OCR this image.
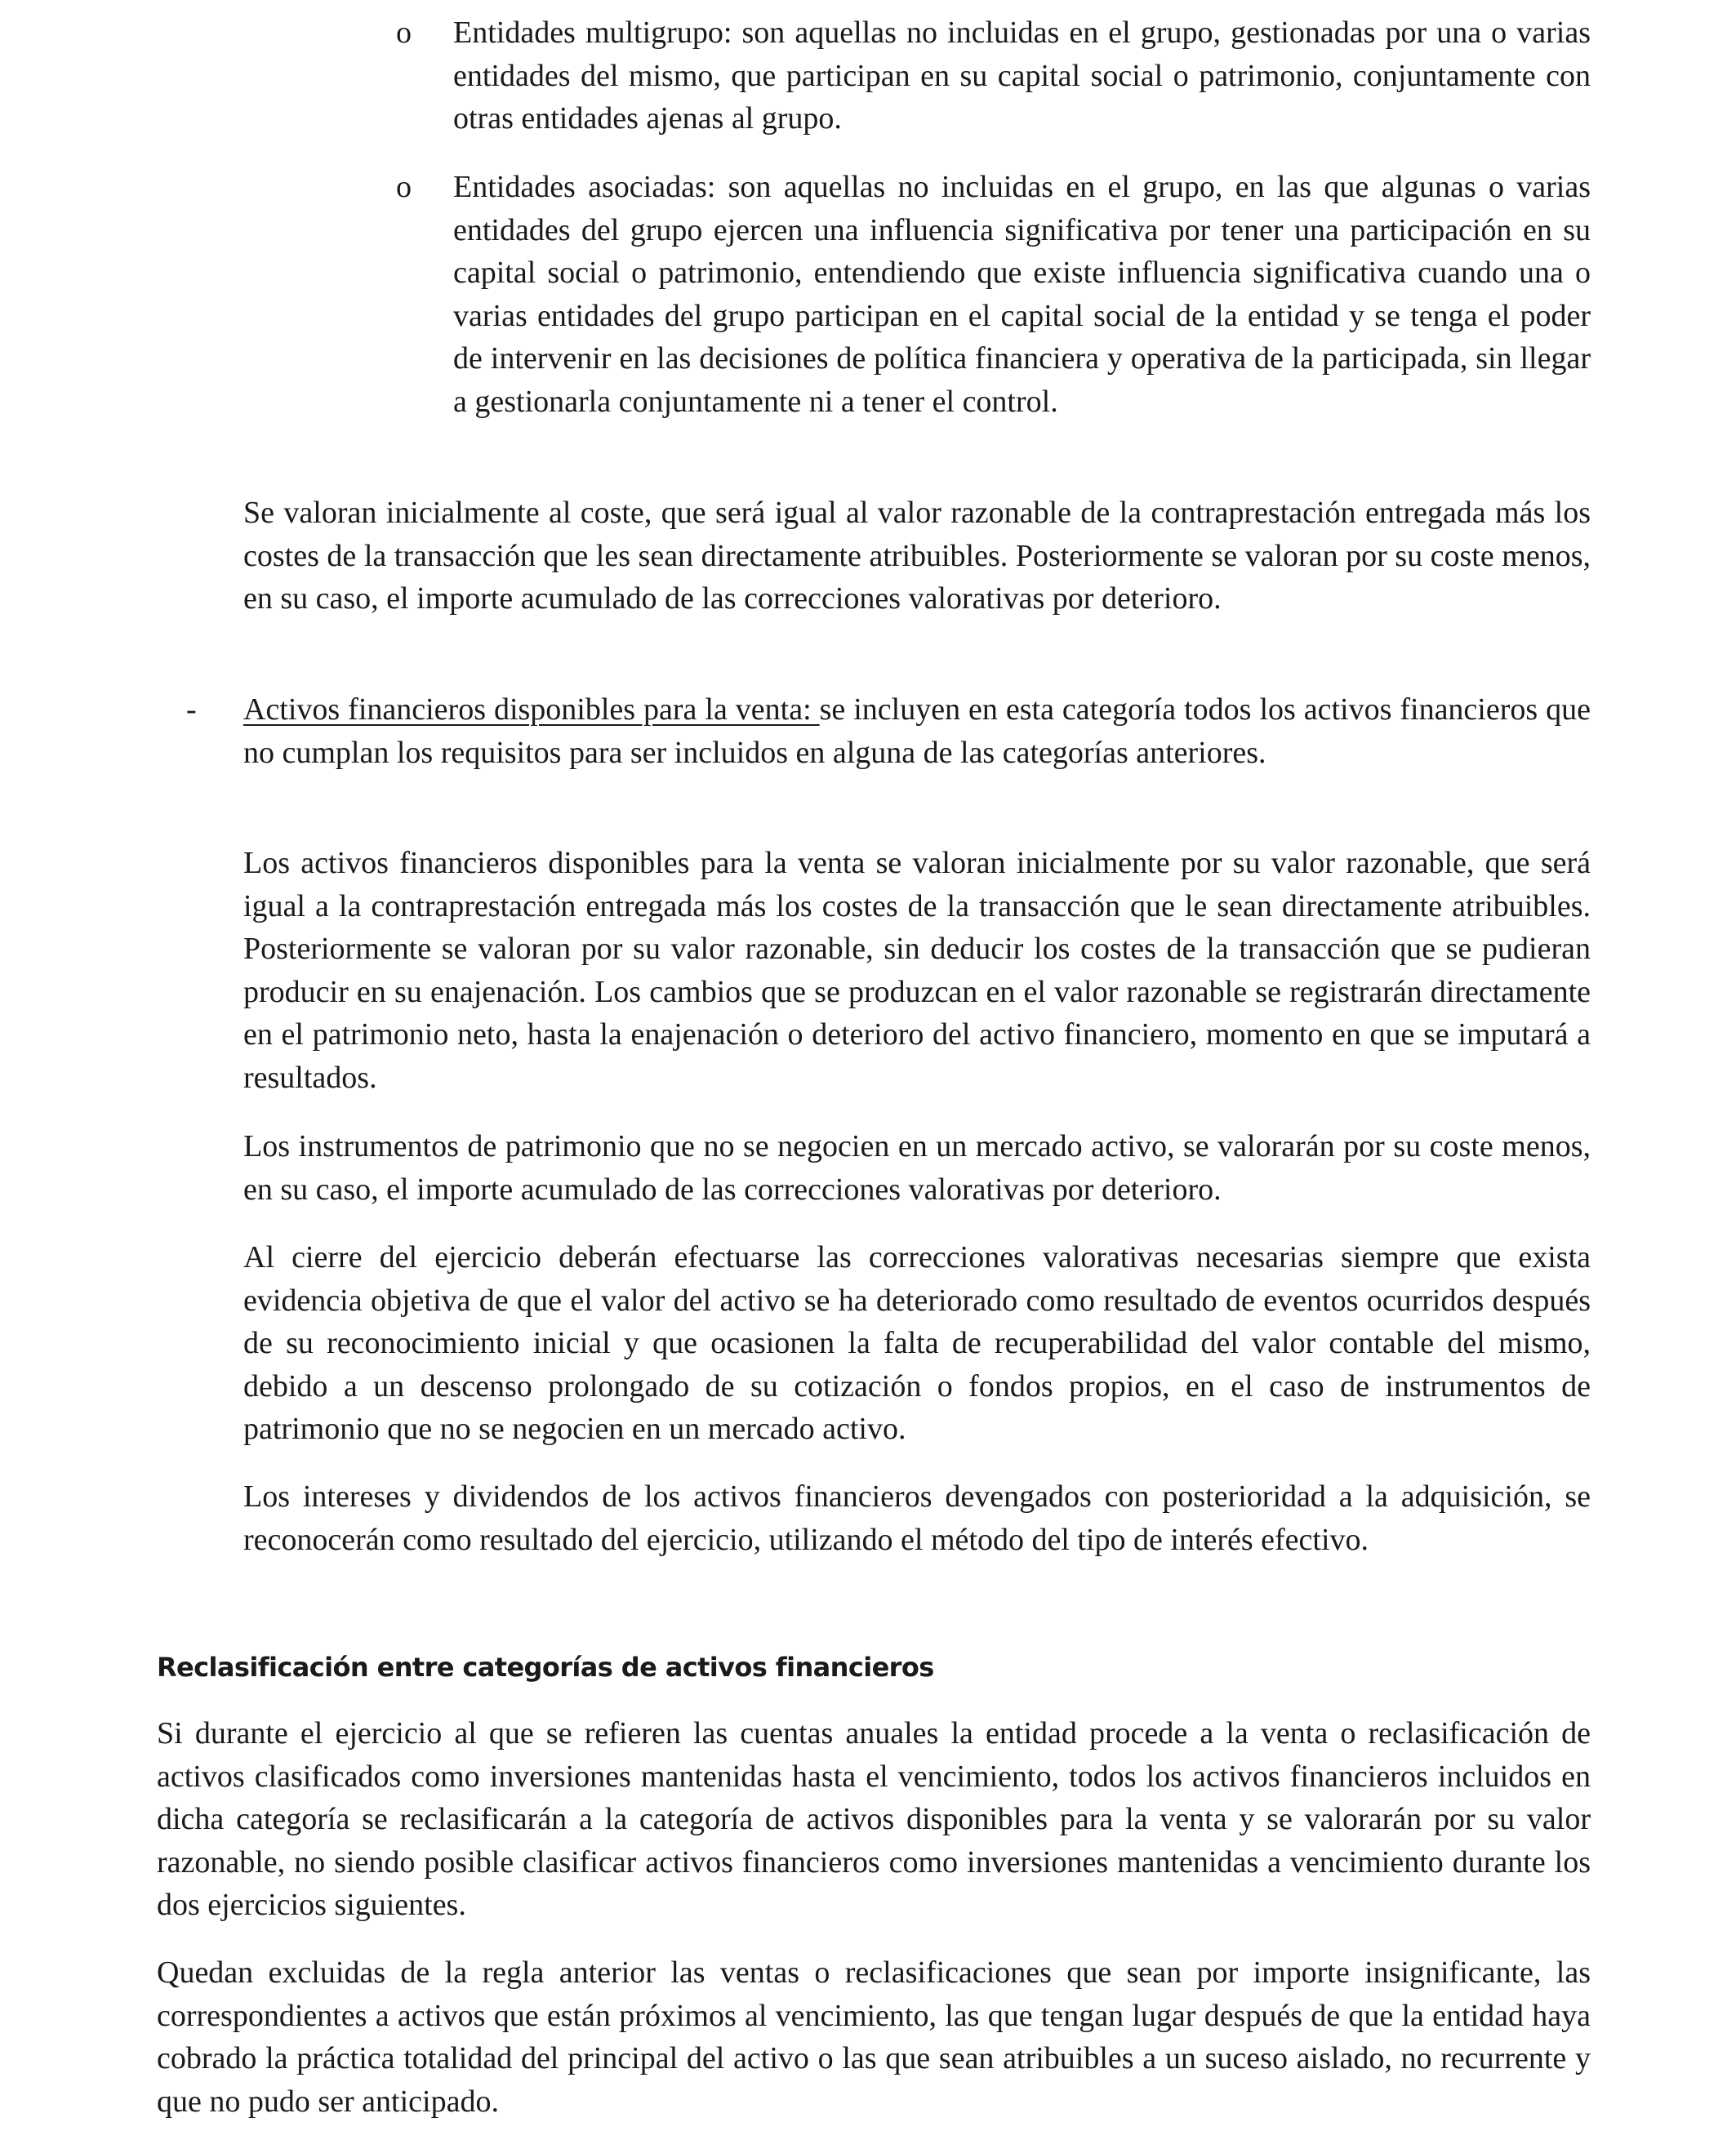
o Entidades multigrupo: son aquellas no incluidas en el grupo, gestionadas por una o varias entidades del mismo, que participan en su capital social o patrimonio, conjuntamente con otras entidades ajenas al grupo.

o Entidades asociadas: son aquellas no incluidas en el grupo, en las que algunas o varias entidades del grupo ejercen una influencia significativa por tener una participación en su capital social o patrimonio, entendiendo que existe influencia significativa cuando una o varias entidades del grupo participan en el capital social de la entidad y se tenga el poder de intervenir en las decisiones de política financiera y operativa de la participada, sin llegar a gestionarla conjuntamente ni a tener el control.

Se valoran inicialmente al coste, que será igual al valor razonable de la contraprestación entregada más los costes de la transacción que les sean directamente atribuibles. Posteriormente se valoran por su coste menos, en su caso, el importe acumulado de las correcciones valorativas por deterioro.

- Activos financieros disponibles para la venta: se incluyen en esta categoría todos los activos financieros que no cumplan los requisitos para ser incluidos en alguna de las categorías anteriores.

Los activos financieros disponibles para la venta se valoran inicialmente por su valor razonable, que será igual a la contraprestación entregada más los costes de la transacción que le sean directamente atribuibles. Posteriormente se valoran por su valor razonable, sin deducir los costes de la transacción que se pudieran producir en su enajenación. Los cambios que se produzcan en el valor razonable se registrarán directamente en el patrimonio neto, hasta la enajenación o deterioro del activo financiero, momento en que se imputará a resultados.

Los instrumentos de patrimonio que no se negocien en un mercado activo, se valorarán por su coste menos, en su caso, el importe acumulado de las correcciones valorativas por deterioro.

Al cierre del ejercicio deberán efectuarse las correcciones valorativas necesarias siempre que exista evidencia objetiva de que el valor del activo se ha deteriorado como resultado de eventos ocurridos después de su reconocimiento inicial y que ocasionen la falta de recuperabilidad del valor contable del mismo, debido a un descenso prolongado de su cotización o fondos propios, en el caso de instrumentos de patrimonio que no se negocien en un mercado activo.

Los intereses y dividendos de los activos financieros devengados con posterioridad a la adquisición, se reconocerán como resultado del ejercicio, utilizando el método del tipo de interés efectivo.

Reclasificación entre categorías de activos financieros

Si durante el ejercicio al que se refieren las cuentas anuales la entidad procede a la venta o reclasificación de activos clasificados como inversiones mantenidas hasta el vencimiento, todos los activos financieros incluidos en dicha categoría se reclasificarán a la categoría de activos disponibles para la venta y se valorarán por su valor razonable, no siendo posible clasificar activos financieros como inversiones mantenidas a vencimiento durante los dos ejercicios siguientes.

Quedan excluidas de la regla anterior las ventas o reclasificaciones que sean por importe insignificante, las correspondientes a activos que están próximos al vencimiento, las que tengan lugar después de que la entidad haya cobrado la práctica totalidad del principal del activo o las que sean atribuibles a un suceso aislado, no recurrente y que no pudo ser anticipado.
